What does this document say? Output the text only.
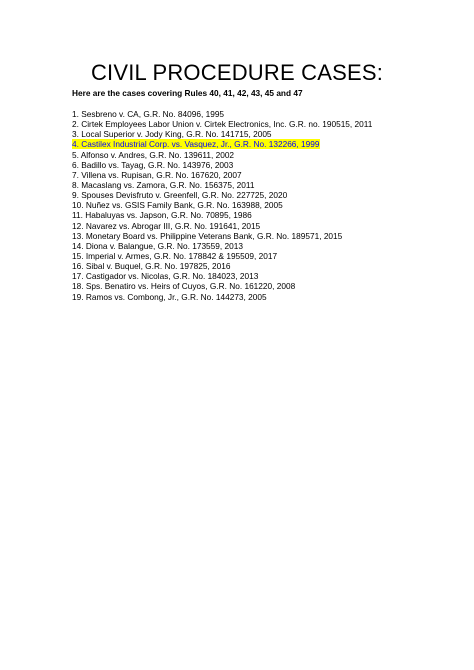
CIVIL PROCEDURE CASES:
Here are the cases covering Rules 40, 41, 42, 43, 45 and 47
1. Sesbreno v. CA, G.R. No. 84096, 1995
2. Cirtek Employees Labor Union v. Cirtek Electronics, Inc. G.R. no. 190515, 2011
3. Local Superior v. Jody King, G.R. No. 141715, 2005
4. Castilex Industrial Corp. vs. Vasquez, Jr., G.R. No. 132266, 1999
5. Alfonso v. Andres, G.R. No. 139611, 2002
6. Badillo vs. Tayag, G.R. No. 143976, 2003
7. Villena vs. Rupisan, G.R. No. 167620, 2007
8. Macaslang vs. Zamora, G.R. No. 156375, 2011
9. Spouses Devisfruto v. Greenfell, G.R. No. 227725, 2020
10. Nuñez vs. GSIS Family Bank, G.R. No. 163988, 2005
11. Habaluyas vs. Japson, G.R. No. 70895, 1986
12. Navarez vs. Abrogar III, G.R. No. 191641, 2015
13. Monetary Board vs. Philippine Veterans Bank, G.R. No. 189571, 2015
14. Diona v. Balangue, G.R. No. 173559, 2013
15. Imperial v. Armes, G.R. No. 178842 & 195509, 2017
16. Sibal v. Buquel, G.R. No. 197825, 2016
17. Castigador vs. Nicolas, G.R. No. 184023, 2013
18. Sps. Benatiro vs. Heirs of Cuyos, G.R. No. 161220, 2008
19. Ramos vs. Combong, Jr., G.R. No. 144273, 2005
